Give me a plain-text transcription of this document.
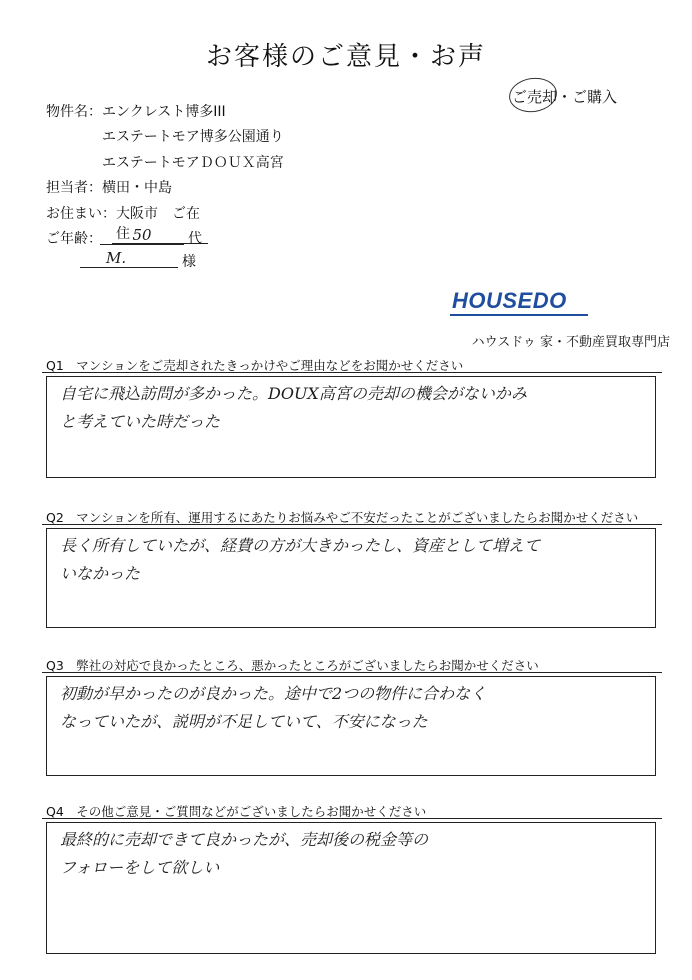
お客様のご意見・お声
ご売却・ご購入
物件名： エンクレスト博多III
エステートモア博多公園通り
エステートモアＤＯＵＸ高宮
担当者： 横田・中島
お住まい： 大阪市　ご在住
ご年齢：	50	代
M.	様
HOUSEDO
ハウスドゥ 家・不動産買取専門店
Q1　マンションをご売却されたきっかけやご理由などをお聞かせください
自宅に飛込訪問が多かった。DOUX高宮の売却の機会がないかみ
と考えていた時だった
Q2　マンションを所有、運用するにあたりお悩みやご不安だったことがございましたらお聞かせください
長く所有していたが、経費の方が大きかったし、資産として増えて
いなかった
Q3　弊社の対応で良かったところ、悪かったところがございましたらお聞かせください
初動が早かったのが良かった。途中で2つの物件に合わなく
なっていたが、説明が不足していて、不安になった
Q4　その他ご意見・ご質問などがございましたらお聞かせください
最終的に売却できて良かったが、売却後の税金等の
フォローをして欲しい
